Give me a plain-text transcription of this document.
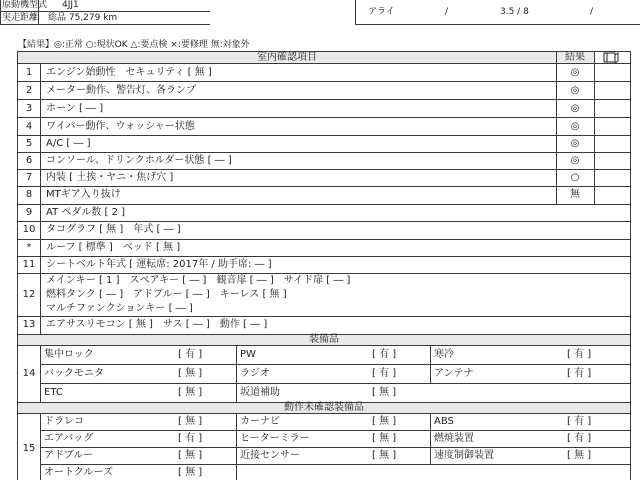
原動機型式 4JJ1
実走距離 総品 75,279 km
アライ	/	3.5 / 8	/
【結果】◎:正常 ○:現状OK △:要点検 ×:要修理 無:対象外
室内確認項目	結果
1	エンジン始動性　セキュリティ [ 無 ]	◎
2	メーター動作、警告灯、各ランプ	◎
3	ホーン [ ― ]	◎
4	ワイパー動作、ウォッシャー状態	◎
5	A/C [ ― ]	◎
6	コンソール、ドリンクホルダー状態 [ ― ]	◎
7	内装 [ 土挨・ヤニ・焦げ穴 ]	○
8	MTギア入り抜け	無
9	AT ペダル数 [ 2 ]
10	タコグラフ [ 無 ]　年式 [ ― ]
*	ルーフ [ 標準 ]　ベッド [ 無 ]
11	シートベルト年式 [ 運転席: 2017年 / 助手席: ― ]
12
メインキー [ 1 ]　スペアキー [ ― ]　観音扉 [ ― ]　サイド扉 [ ― ]
燃料タンク [ ― ]　アドブルー [ ― ]　キーレス [ 無 ]
マルチファンクションキー [ ― ]
13	エアサスリモコン [ 無 ]　サス [ ― ]　動作 [ ― ]
装備品
14
集中ロック	[ 有 ]	PW	[ 有 ]	寒冷	[ 有 ]
バックモニタ	[ 無 ]	ラジオ	[ 有 ]	アンテナ	[ 有 ]
ETC	[ 無 ]	坂道補助	[ 無 ]
動作未確認装備品
15
ドラレコ	[ 無 ]	カーナビ	[ 無 ]	ABS	[ 有 ]
エアバッグ	[ 有 ]	ヒーターミラー	[ 無 ]	燃焼装置	[ 有 ]
アドブルー	[ 無 ]	近接センサー	[ 無 ]	速度制御装置	[ 無 ]
オートクルーズ	[ 無 ]
